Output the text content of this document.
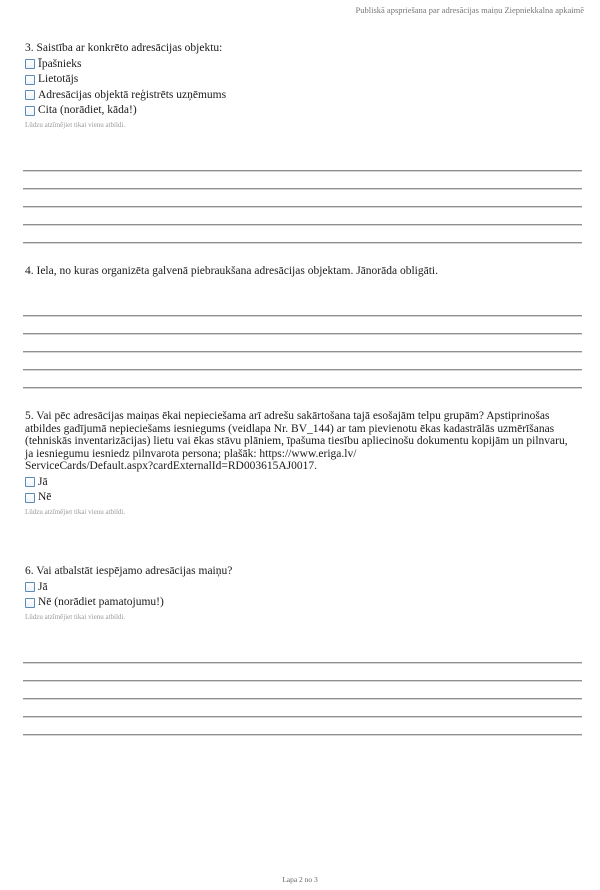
Publiskā apspriešana par adresācijas maiņu Ziepniekkalna apkaimē
3. Saistība ar konkrēto adresācijas objektu:
Īpašnieks
Lietotājs
Adresācijas objektā reģistrēts uzņēmums
Cita (norādiet, kāda!)
Lūdzu atzīmējiet tikai vienu atbildi.
4. Iela, no kuras organizēta galvenā piebraukšana adresācijas objektam. Jānorāda obligāti.
5. Vai pēc adresācijas maiņas ēkai nepieciešama arī adrešu sakārtošana tajā esošajām telpu grupām? Apstiprinošas
atbildes gadījumā nepieciešams iesniegums (veidlapa Nr. BV_144) ar tam pievienotu ēkas kadastrālās uzmērīšanas
(tehniskās inventarizācijas) lietu vai ēkas stāvu plāniem, īpašuma tiesību apliecinošu dokumentu kopijām un pilnvaru,
ja iesniegumu iesniedz pilnvarota persona; plašāk: https://www.eriga.lv/
ServiceCards/Default.aspx?cardExternalId=RD003615AJ0017.
Jā
Nē
Lūdzu atzīmējiet tikai vienu atbildi.
6. Vai atbalstāt iespējamo adresācijas maiņu?
Jā
Nē (norādiet pamatojumu!)
Lūdzu atzīmējiet tikai vienu atbildi.
Lapa 2 no 3
